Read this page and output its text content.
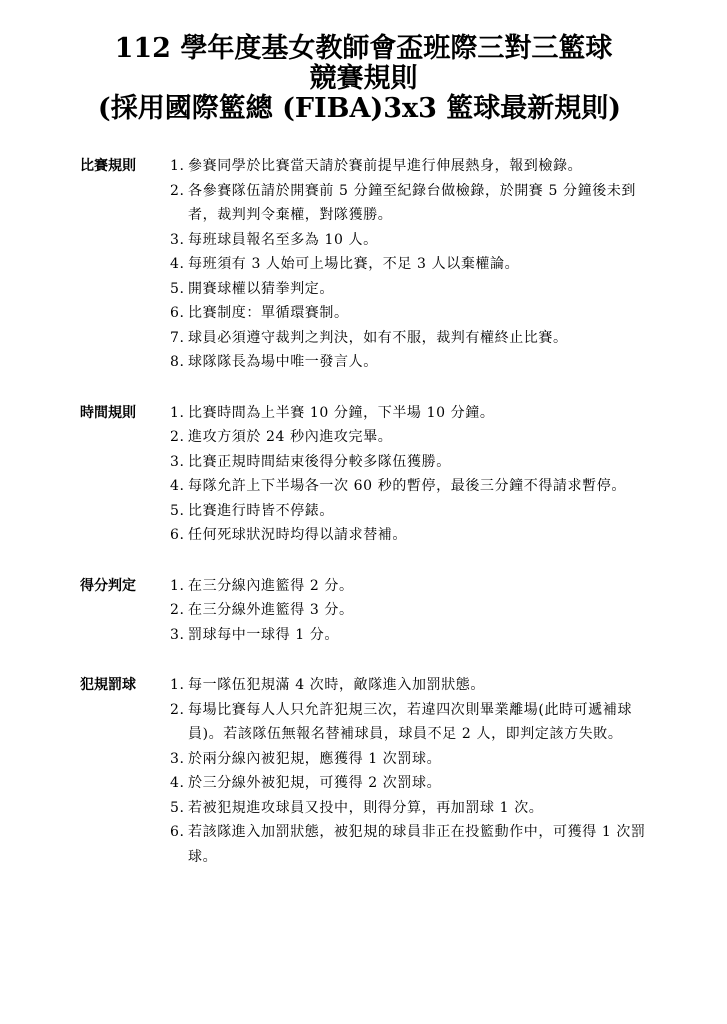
112 學年度基女教師會盃班際三對三籃球
競賽規則
(採用國際籃總 (FIBA)3x3 籃球最新規則)
比賽規則 1. 參賽同學於比賽當天請於賽前提早進行伸展熱身，報到檢錄。
2. 各參賽隊伍請於開賽前 5 分鐘至紀錄台做檢錄，於開賽 5 分鐘後未到者，裁判判令棄權，對隊獲勝。
3. 每班球員報名至多為 10 人。
4. 每班須有 3 人始可上場比賽，不足 3 人以棄權論。
5. 開賽球權以猜拳判定。
6. 比賽制度：單循環賽制。
7. 球員必須遵守裁判之判決，如有不服，裁判有權終止比賽。
8. 球隊隊長為場中唯一發言人。
時間規則 1. 比賽時間為上半賽 10 分鐘，下半場 10 分鐘。
2. 進攻方須於 24 秒內進攻完畢。
3. 比賽正規時間結束後得分較多隊伍獲勝。
4. 每隊允許上下半場各一次 60 秒的暫停，最後三分鐘不得請求暫停。
5. 比賽進行時皆不停錶。
6. 任何死球狀況時均得以請求替補。
得分判定 1. 在三分線內進籃得 2 分。
2. 在三分線外進籃得 3 分。
3. 罰球每中一球得 1 分。
犯規罰球 1. 每一隊伍犯規滿 4 次時，敵隊進入加罰狀態。
2. 每場比賽每人人只允許犯規三次，若違四次則畢業離場(此時可遞補球員)。若該隊伍無報名替補球員，球員不足 2 人，即判定該方失敗。
3. 於兩分線內被犯規，應獲得 1 次罰球。
4. 於三分線外被犯規，可獲得 2 次罰球。
5. 若被犯規進攻球員又投中，則得分算，再加罰球 1 次。
6. 若該隊進入加罰狀態，被犯規的球員非正在投籃動作中，可獲得 1 次罰球。
